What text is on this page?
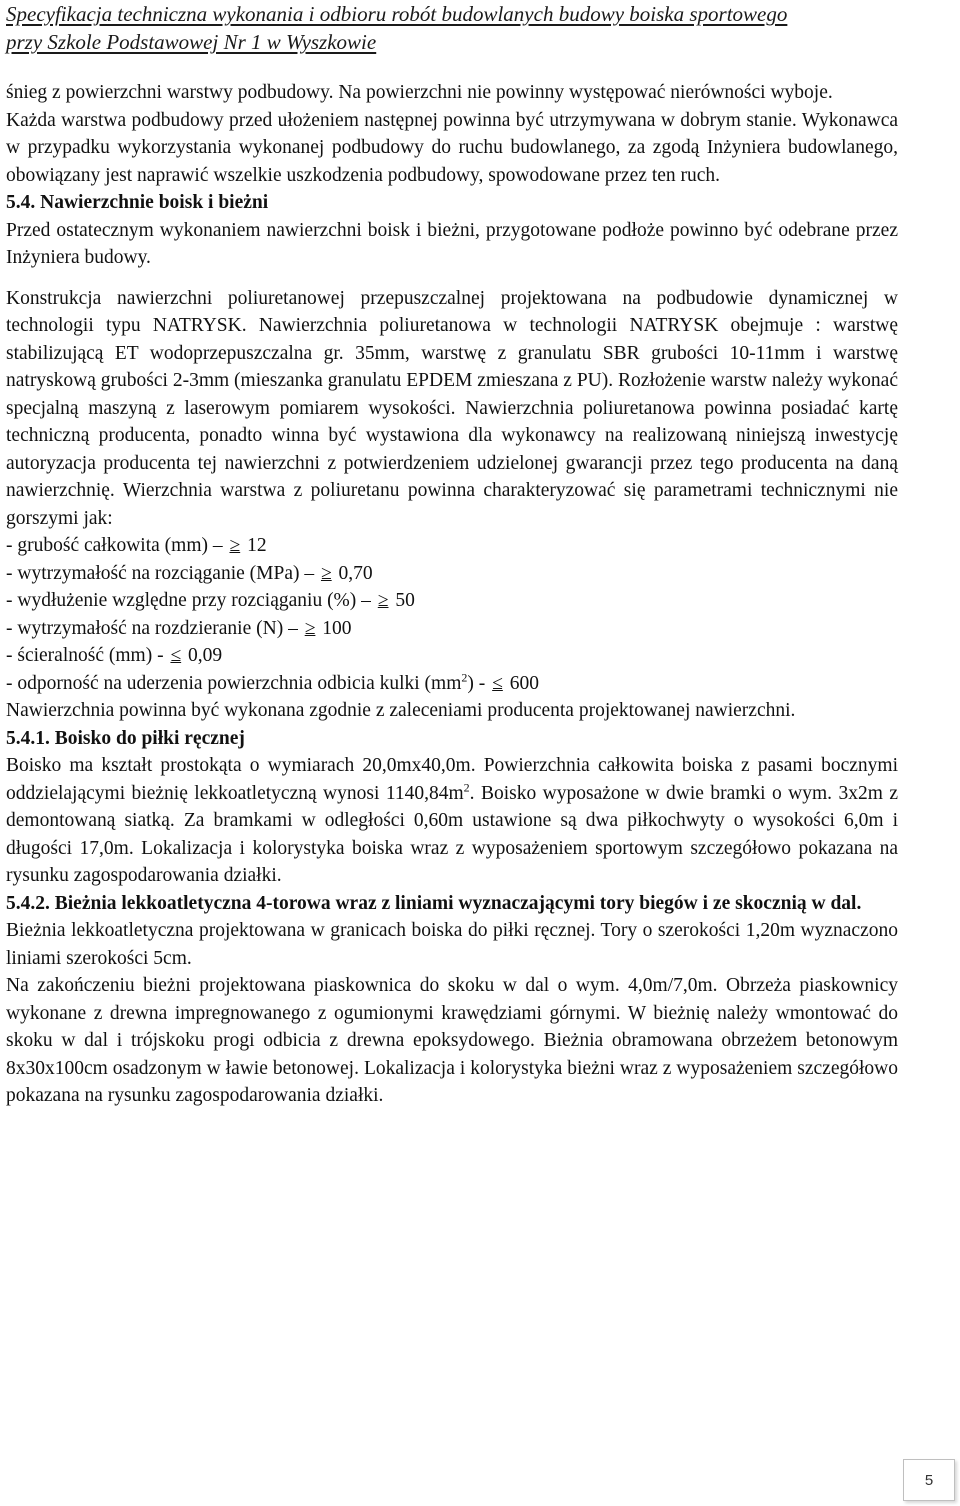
Specyfikacja techniczna wykonania i odbioru robót budowlanych budowy boiska sportowego
przy Szkole Podstawowej Nr 1 w Wyszkowie

śnieg z powierzchni warstwy podbudowy. Na powierzchni nie powinny występować nierówności wyboje.

Każda warstwa podbudowy przed ułożeniem następnej powinna być utrzymywana w dobrym stanie. Wykonawca w przypadku wykorzystania wykonanej podbudowy do ruchu budowlanego, za zgodą Inżyniera budowlanego, obowiązany jest naprawić wszelkie uszkodzenia podbudowy, spowodowane przez ten ruch.

5.4. Nawierzchnie boisk i bieżni

Przed ostatecznym wykonaniem nawierzchni boisk i bieżni, przygotowane podłoże powinno być odebrane przez Inżyniera budowy.

Konstrukcja nawierzchni poliuretanowej przepuszczalnej projektowana na podbudowie dynamicznej w technologii typu NATRYSK. Nawierzchnia poliuretanowa w technologii NATRYSK obejmuje : warstwę stabilizującą ET wodoprzepuszczalna gr. 35mm, warstwę z granulatu SBR grubości 10-11mm i warstwę natryskową grubości 2-3mm (mieszanka granulatu EPDEM zmieszana z PU). Rozłożenie warstw należy wykonać specjalną maszyną z laserowym pomiarem wysokości. Nawierzchnia poliuretanowa powinna posiadać kartę techniczną producenta, ponadto winna być wystawiona dla wykonawcy na realizowaną niniejszą inwestycję autoryzacja producenta tej nawierzchni z potwierdzeniem udzielonej gwarancji przez tego producenta na daną nawierzchnię. Wierzchnia warstwa z poliuretanu powinna charakteryzować się parametrami technicznymi nie gorszymi jak:

- grubość całkowita (mm) – ≥ 12
- wytrzymałość na rozciąganie (MPa) – ≥ 0,70
- wydłużenie względne przy rozciąganiu (%) – ≥ 50
- wytrzymałość na rozdzieranie (N) – ≥ 100
- ścieralność (mm) - ≤ 0,09
- odporność na uderzenia powierzchnia odbicia kulki $(mm^2)$ - ≤ 600

Nawierzchnia powinna być wykonana zgodnie z zaleceniami producenta projektowanej nawierzchni.

5.4.1. Boisko do piłki ręcznej

Boisko ma kształt prostokąta o wymiarach 20,0mx40,0m. Powierzchnia całkowita boiska z pasami bocznymi oddzielającymi bieżnię lekkoatletyczną wynosi $1140,84m^2$. Boisko wyposażone w dwie bramki o wym. 3x2m z demontowaną siatką. Za bramkami w odległości 0,60m ustawione są dwa piłkochwyty o wysokości 6,0m i długości 17,0m. Lokalizacja i kolorystyka boiska wraz z wyposażeniem sportowym szczegółowo pokazana na rysunku zagospodarowania działki.

5.4.2. Bieżnia lekkoatletyczna 4-torowa wraz z liniami wyznaczającymi tory biegów i ze skocznią w dal.

Bieżnia lekkoatletyczna projektowana w granicach boiska do piłki ręcznej. Tory o szerokości 1,20m wyznaczono liniami szerokości 5cm.

Na zakończeniu bieżni projektowana piaskownica do skoku w dal o wym. 4,0m/7,0m. Obrzeża piaskownicy wykonane z drewna impregnowanego z ogumionymi krawędziami górnymi. W bieżnię należy wmontować do skoku w dal i trójskoku progi odbicia z drewna epoksydowego. Bieżnia obramowana obrzeżem betonowym 8x30x100cm osadzonym w ławie betonowej. Lokalizacja i kolorystyka bieżni wraz z wyposażeniem szczegółowo pokazana na rysunku zagospodarowania działki.

5
